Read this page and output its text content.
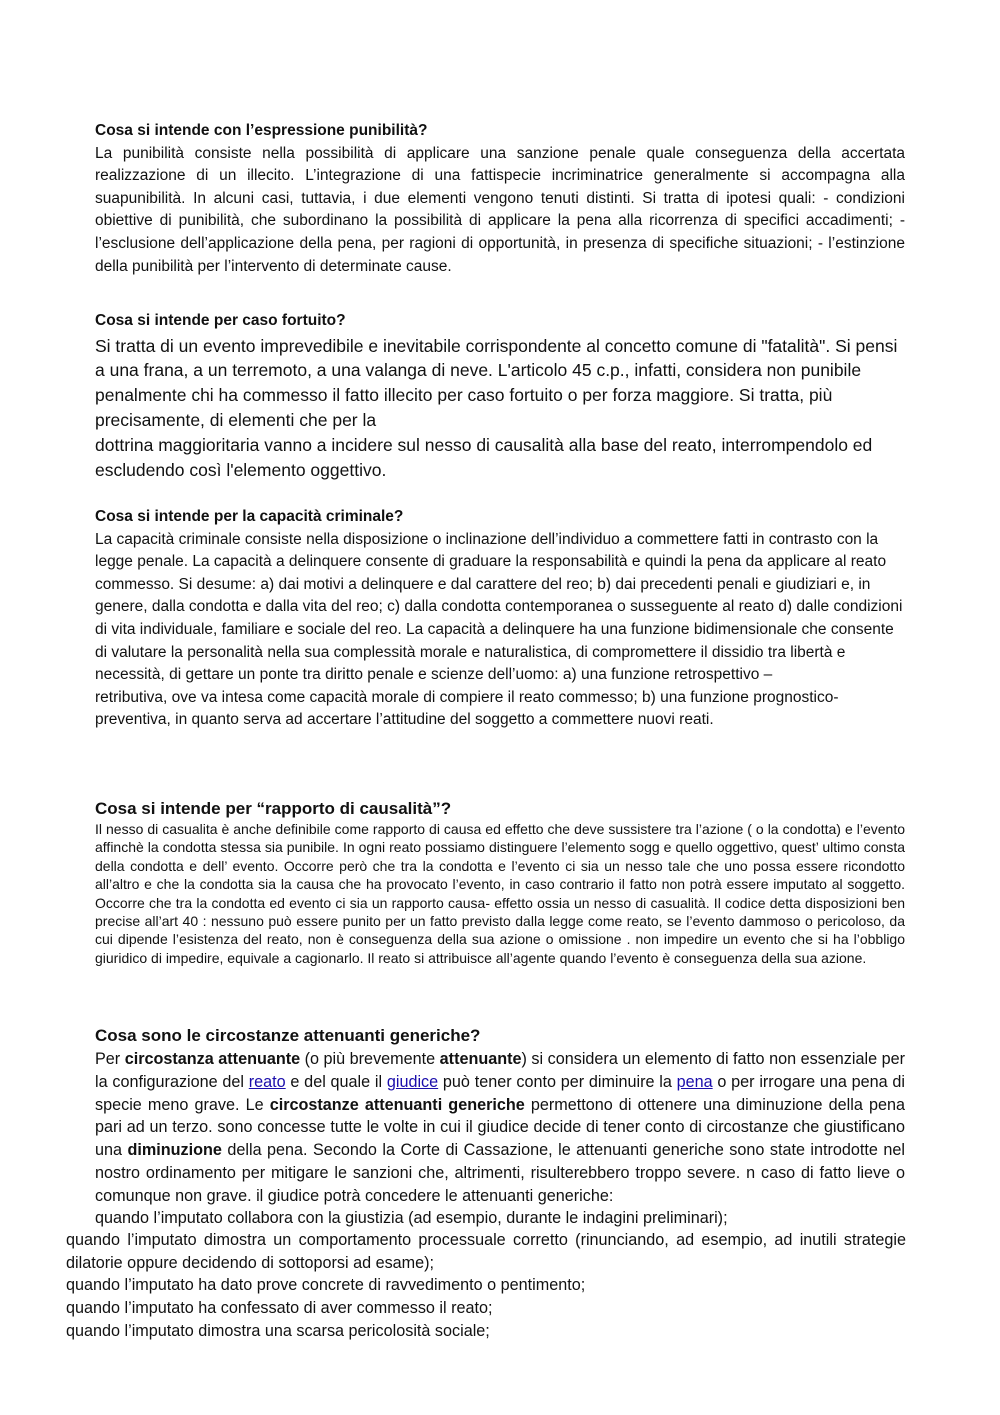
Cosa si intende con l’espressione punibilità?

La punibilità consiste nella possibilità di applicare una sanzione penale quale conseguenza della accertata realizzazione di un illecito. L’integrazione di una fattispecie incriminatrice generalmente si accompagna alla suapunibilità. In alcuni casi, tuttavia, i due elementi vengono tenuti distinti. Si tratta di ipotesi quali: - condizioni obiettive di punibilità, che subordinano la possibilità di applicare la pena alla ricorrenza di specifici accadimenti; - l’esclusione dell’applicazione della pena, per ragioni di opportunità, in presenza di specifiche situazioni; - l’estinzione della punibilità per l’intervento di determinate cause.

Cosa si intende per caso fortuito?

Si tratta di un evento imprevedibile e inevitabile corrispondente al concetto comune di "fatalità". Si pensi a una frana, a un terremoto, a una valanga di neve. L'articolo 45 c.p., infatti, considera non punibile penalmente chi ha commesso il fatto illecito per caso fortuito o per forza maggiore. Si tratta, più precisamente, di elementi che per la

dottrina maggioritaria vanno a incidere sul nesso di causalità alla base del reato, interrompendolo ed escludendo così l'elemento oggettivo.

Cosa si intende per la capacità criminale?

La capacità criminale consiste nella disposizione o inclinazione dell’individuo a commettere fatti in contrasto con la

legge penale. La capacità a delinquere consente di graduare la responsabilità e quindi la pena da applicare al reato commesso. Si desume: a) dai motivi a delinquere e dal carattere del reo; b) dai precedenti penali e giudiziari e, in genere, dalla condotta e dalla vita del reo; c) dalla condotta contemporanea o susseguente al reato d) dalle condizioni di vita individuale, familiare e sociale del reo. La capacità a delinquere ha una funzione bidimensionale che consente di valutare la personalità nella sua complessità morale e naturalistica, di compromettere il dissidio tra libertà e necessità, di gettare un ponte tra diritto penale e scienze dell’uomo: a) una funzione retrospettivo –

retributiva, ove va intesa come capacità morale di compiere il reato commesso; b) una funzione prognostico-preventiva, in quanto serva ad accertare l’attitudine del soggetto a commettere nuovi reati.

Cosa si intende per “rapporto di causalità”?

Il nesso di casualita è anche definibile come rapporto di causa ed effetto che deve sussistere tra l’azione ( o la condotta) e l’evento affinchè la condotta stessa sia punibile. In ogni reato possiamo distinguere l’elemento sogg e quello oggettivo, quest’ ultimo consta della condotta e dell’ evento. Occorre però che tra la condotta e l’evento ci sia un nesso tale che uno possa essere ricondotto all’altro e che la condotta sia la causa che ha provocato l’evento, in caso contrario il fatto non potrà essere imputato al soggetto. Occorre che tra la condotta ed evento ci sia un rapporto causa- effetto ossia un nesso di casualità. Il codice detta disposizioni ben precise all’art 40 : nessuno può essere punito per un fatto previsto dalla legge come reato, se l’evento dammoso o pericoloso, da cui dipende l’esistenza del reato, non è conseguenza della sua azione o omissione . non impedire un evento che si ha l’obbligo giuridico di impedire, equivale a cagionarlo. Il reato si attribuisce all’agente quando l’evento è conseguenza della sua azione.

Cosa sono le circostanze attenuanti generiche?

Per circostanza attenuante (o più brevemente attenuante) si considera un elemento di fatto non essenziale per la configurazione del reato e del quale il giudice può tener conto per diminuire la pena o per irrogare una pena di specie meno grave. Le circostanze attenuanti generiche permettono di ottenere una diminuzione della pena pari ad un terzo. sono concesse tutte le volte in cui il giudice decide di tener conto di circostanze che giustificano una diminuzione della pena. Secondo la Corte di Cassazione, le attenuanti generiche sono state introdotte nel nostro ordinamento per mitigare le sanzioni che, altrimenti, risulterebbero troppo severe. n caso di fatto lieve o comunque non grave. il giudice potrà concedere le attenuanti generiche:

quando l’imputato collabora con la giustizia (ad esempio, durante le indagini preliminari);

quando l’imputato dimostra un comportamento processuale corretto (rinunciando, ad esempio, ad inutili strategie dilatorie oppure decidendo di sottoporsi ad esame);

quando l’imputato ha dato prove concrete di ravvedimento o pentimento;

quando l’imputato ha confessato di aver commesso il reato;

quando l’imputato dimostra una scarsa pericolosità sociale;
